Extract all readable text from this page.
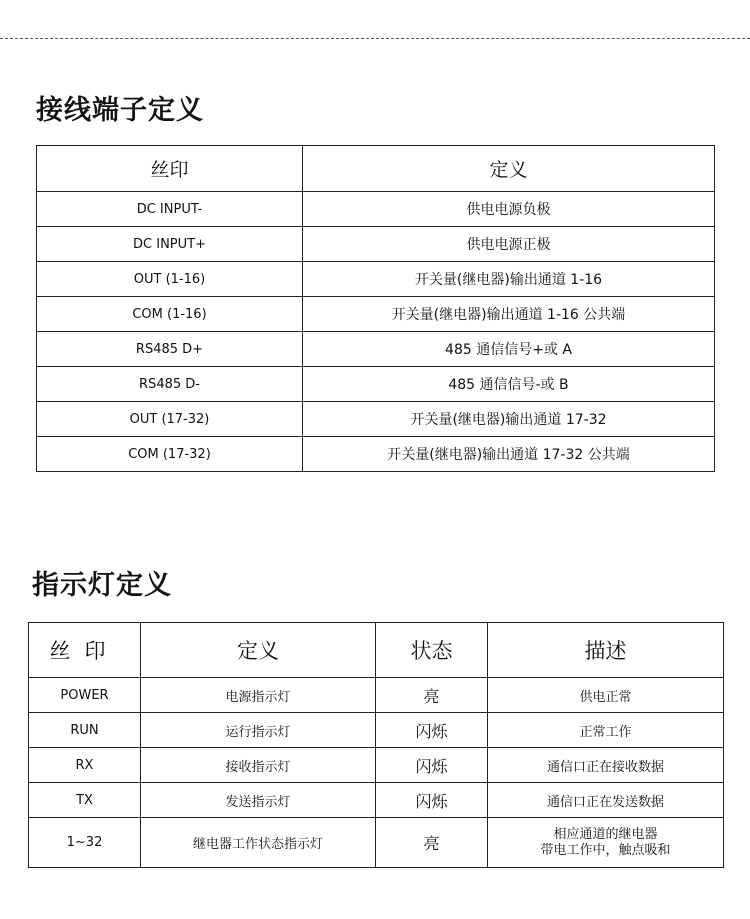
接线端子定义
丝印	定义
DC INPUT-	供电电源负极
DC INPUT+	供电电源正极
OUT (1-16)	开关量(继电器)输出通道 1-16
COM (1-16)	开关量(继电器)输出通道 1-16 公共端
RS485 D+	485 通信信号+或 A
RS485 D-	485 通信信号-或 B
OUT (17-32)	开关量(继电器)输出通道 17-32
COM (17-32)	开关量(继电器)输出通道 17-32 公共端
指示灯定义
丝印	定义	状态	描述
POWER	电源指示灯	亮	供电正常
RUN	运行指示灯	闪烁	正常工作
RX	接收指示灯	闪烁	通信口正在接收数据
TX	发送指示灯	闪烁	通信口正在发送数据
1~32	继电器工作状态指示灯	亮	相应通道的继电器
带电工作中，触点吸和
